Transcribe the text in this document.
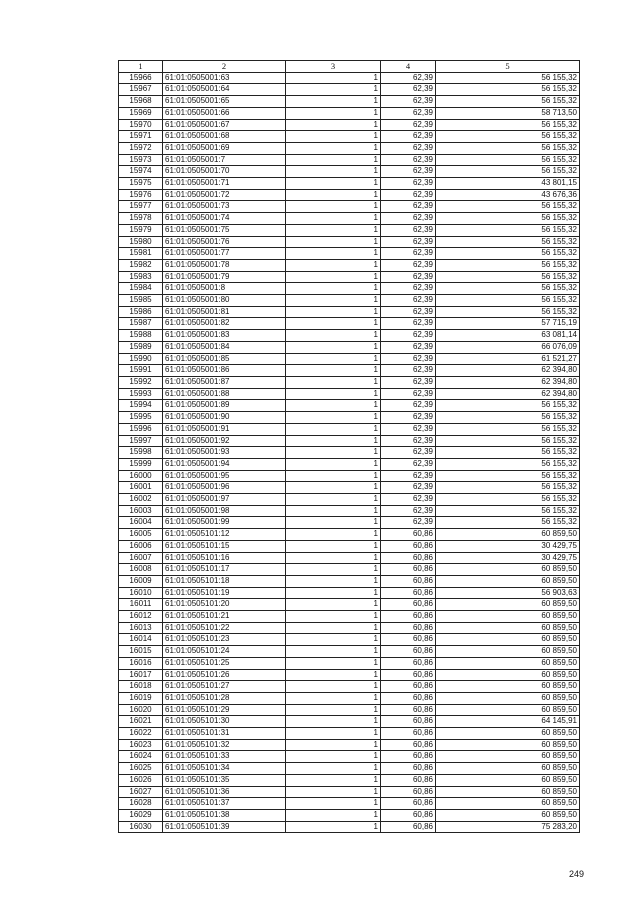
1	2	3	4	5
15966	61:01:0505001:63	1	62,39	56 155,32
15967	61:01:0505001:64	1	62,39	56 155,32
15968	61:01:0505001:65	1	62,39	56 155,32
15969	61:01:0505001:66	1	62,39	58 713,50
15970	61:01:0505001:67	1	62,39	56 155,32
15971	61:01:0505001:68	1	62,39	56 155,32
15972	61:01:0505001:69	1	62,39	56 155,32
15973	61:01:0505001:7	1	62,39	56 155,32
15974	61:01:0505001:70	1	62,39	56 155,32
15975	61:01:0505001:71	1	62,39	43 801,15
15976	61:01:0505001:72	1	62,39	43 676,36
15977	61:01:0505001:73	1	62,39	56 155,32
15978	61:01:0505001:74	1	62,39	56 155,32
15979	61:01:0505001:75	1	62,39	56 155,32
15980	61:01:0505001:76	1	62,39	56 155,32
15981	61:01:0505001:77	1	62,39	56 155,32
15982	61:01:0505001:78	1	62,39	56 155,32
15983	61:01:0505001:79	1	62,39	56 155,32
15984	61:01:0505001:8	1	62,39	56 155,32
15985	61:01:0505001:80	1	62,39	56 155,32
15986	61:01:0505001:81	1	62,39	56 155,32
15987	61:01:0505001:82	1	62,39	57 715,19
15988	61:01:0505001:83	1	62,39	63 081,14
15989	61:01:0505001:84	1	62,39	66 076,09
15990	61:01:0505001:85	1	62,39	61 521,27
15991	61:01:0505001:86	1	62,39	62 394,80
15992	61:01:0505001:87	1	62,39	62 394,80
15993	61:01:0505001:88	1	62,39	62 394,80
15994	61:01:0505001:89	1	62,39	56 155,32
15995	61:01:0505001:90	1	62,39	56 155,32
15996	61:01:0505001:91	1	62,39	56 155,32
15997	61:01:0505001:92	1	62,39	56 155,32
15998	61:01:0505001:93	1	62,39	56 155,32
15999	61:01:0505001:94	1	62,39	56 155,32
16000	61:01:0505001:95	1	62,39	56 155,32
16001	61:01:0505001:96	1	62,39	56 155,32
16002	61:01:0505001:97	1	62,39	56 155,32
16003	61:01:0505001:98	1	62,39	56 155,32
16004	61:01:0505001:99	1	62,39	56 155,32
16005	61:01:0505101:12	1	60,86	60 859,50
16006	61:01:0505101:15	1	60,86	30 429,75
16007	61:01:0505101:16	1	60,86	30 429,75
16008	61:01:0505101:17	1	60,86	60 859,50
16009	61:01:0505101:18	1	60,86	60 859,50
16010	61:01:0505101:19	1	60,86	56 903,63
16011	61:01:0505101:20	1	60,86	60 859,50
16012	61:01:0505101:21	1	60,86	60 859,50
16013	61:01:0505101:22	1	60,86	60 859,50
16014	61:01:0505101:23	1	60,86	60 859,50
16015	61:01:0505101:24	1	60,86	60 859,50
16016	61:01:0505101:25	1	60,86	60 859,50
16017	61:01:0505101:26	1	60,86	60 859,50
16018	61:01:0505101:27	1	60,86	60 859,50
16019	61:01:0505101:28	1	60,86	60 859,50
16020	61:01:0505101:29	1	60,86	60 859,50
16021	61:01:0505101:30	1	60,86	64 145,91
16022	61:01:0505101:31	1	60,86	60 859,50
16023	61:01:0505101:32	1	60,86	60 859,50
16024	61:01:0505101:33	1	60,86	60 859,50
16025	61:01:0505101:34	1	60,86	60 859,50
16026	61:01:0505101:35	1	60,86	60 859,50
16027	61:01:0505101:36	1	60,86	60 859,50
16028	61:01:0505101:37	1	60,86	60 859,50
16029	61:01:0505101:38	1	60,86	60 859,50
16030	61:01:0505101:39	1	60,86	75 283,20
249
